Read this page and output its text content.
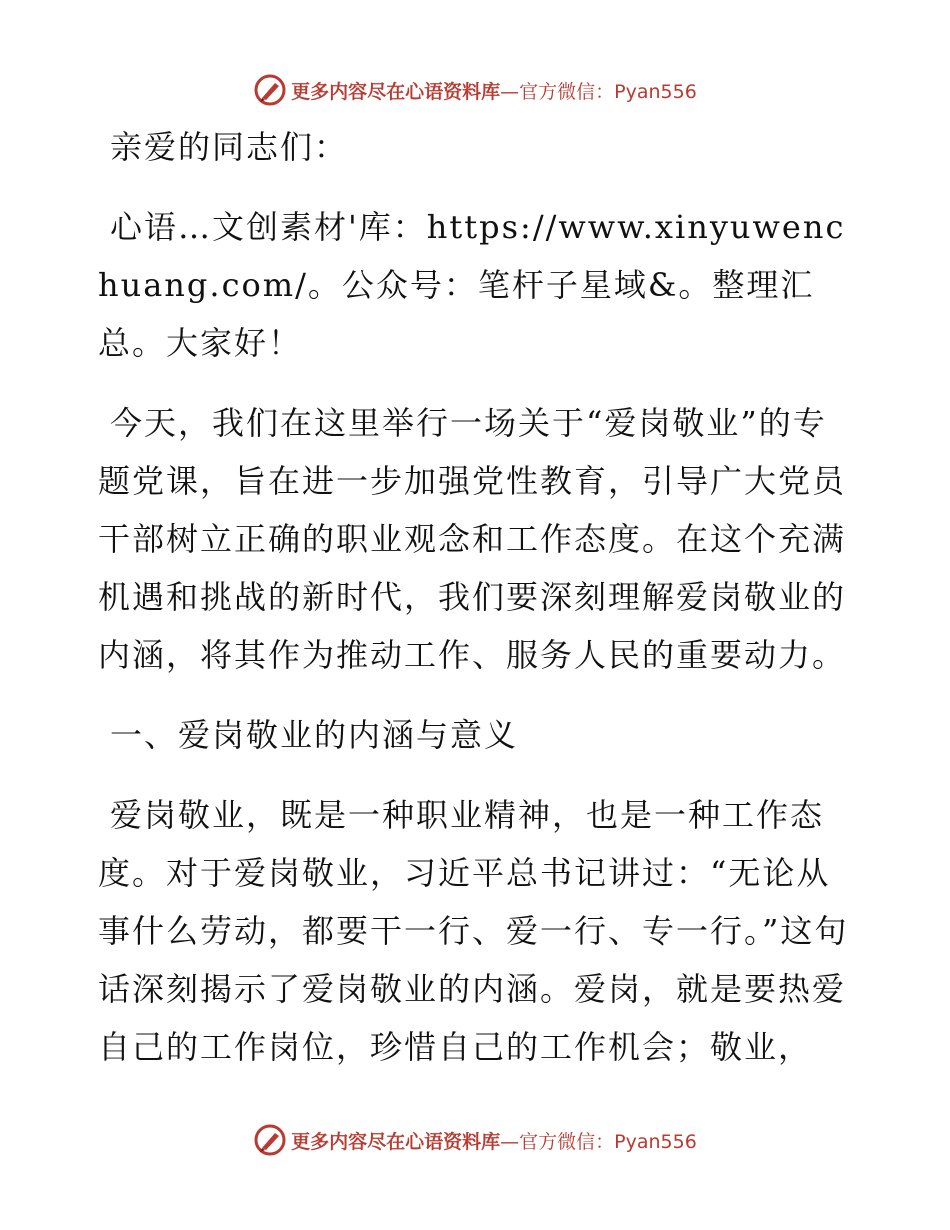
更多内容尽在心语资料库—官方微信：Pyan556

亲爱的同志们：

心语…文创素材'库：https://www.xinyuwenchuang.com/。公众号：笔杆子星域&。整理汇总。大家好！

今天，我们在这里举行一场关于“爱岗敬业”的专题党课，旨在进一步加强党性教育，引导广大党员干部树立正确的职业观念和工作态度。在这个充满机遇和挑战的新时代，我们要深刻理解爱岗敬业的内涵，将其作为推动工作、服务人民的重要动力。

一、爱岗敬业的内涵与意义

爱岗敬业，既是一种职业精神，也是一种工作态度。对于爱岗敬业，习近平总书记讲过：“无论从事什么劳动，都要干一行、爱一行、专一行。”这句话深刻揭示了爱岗敬业的内涵。爱岗，就是要热爱自己的工作岗位，珍惜自己的工作机会；敬业，

更多内容尽在心语资料库—官方微信：Pyan556
